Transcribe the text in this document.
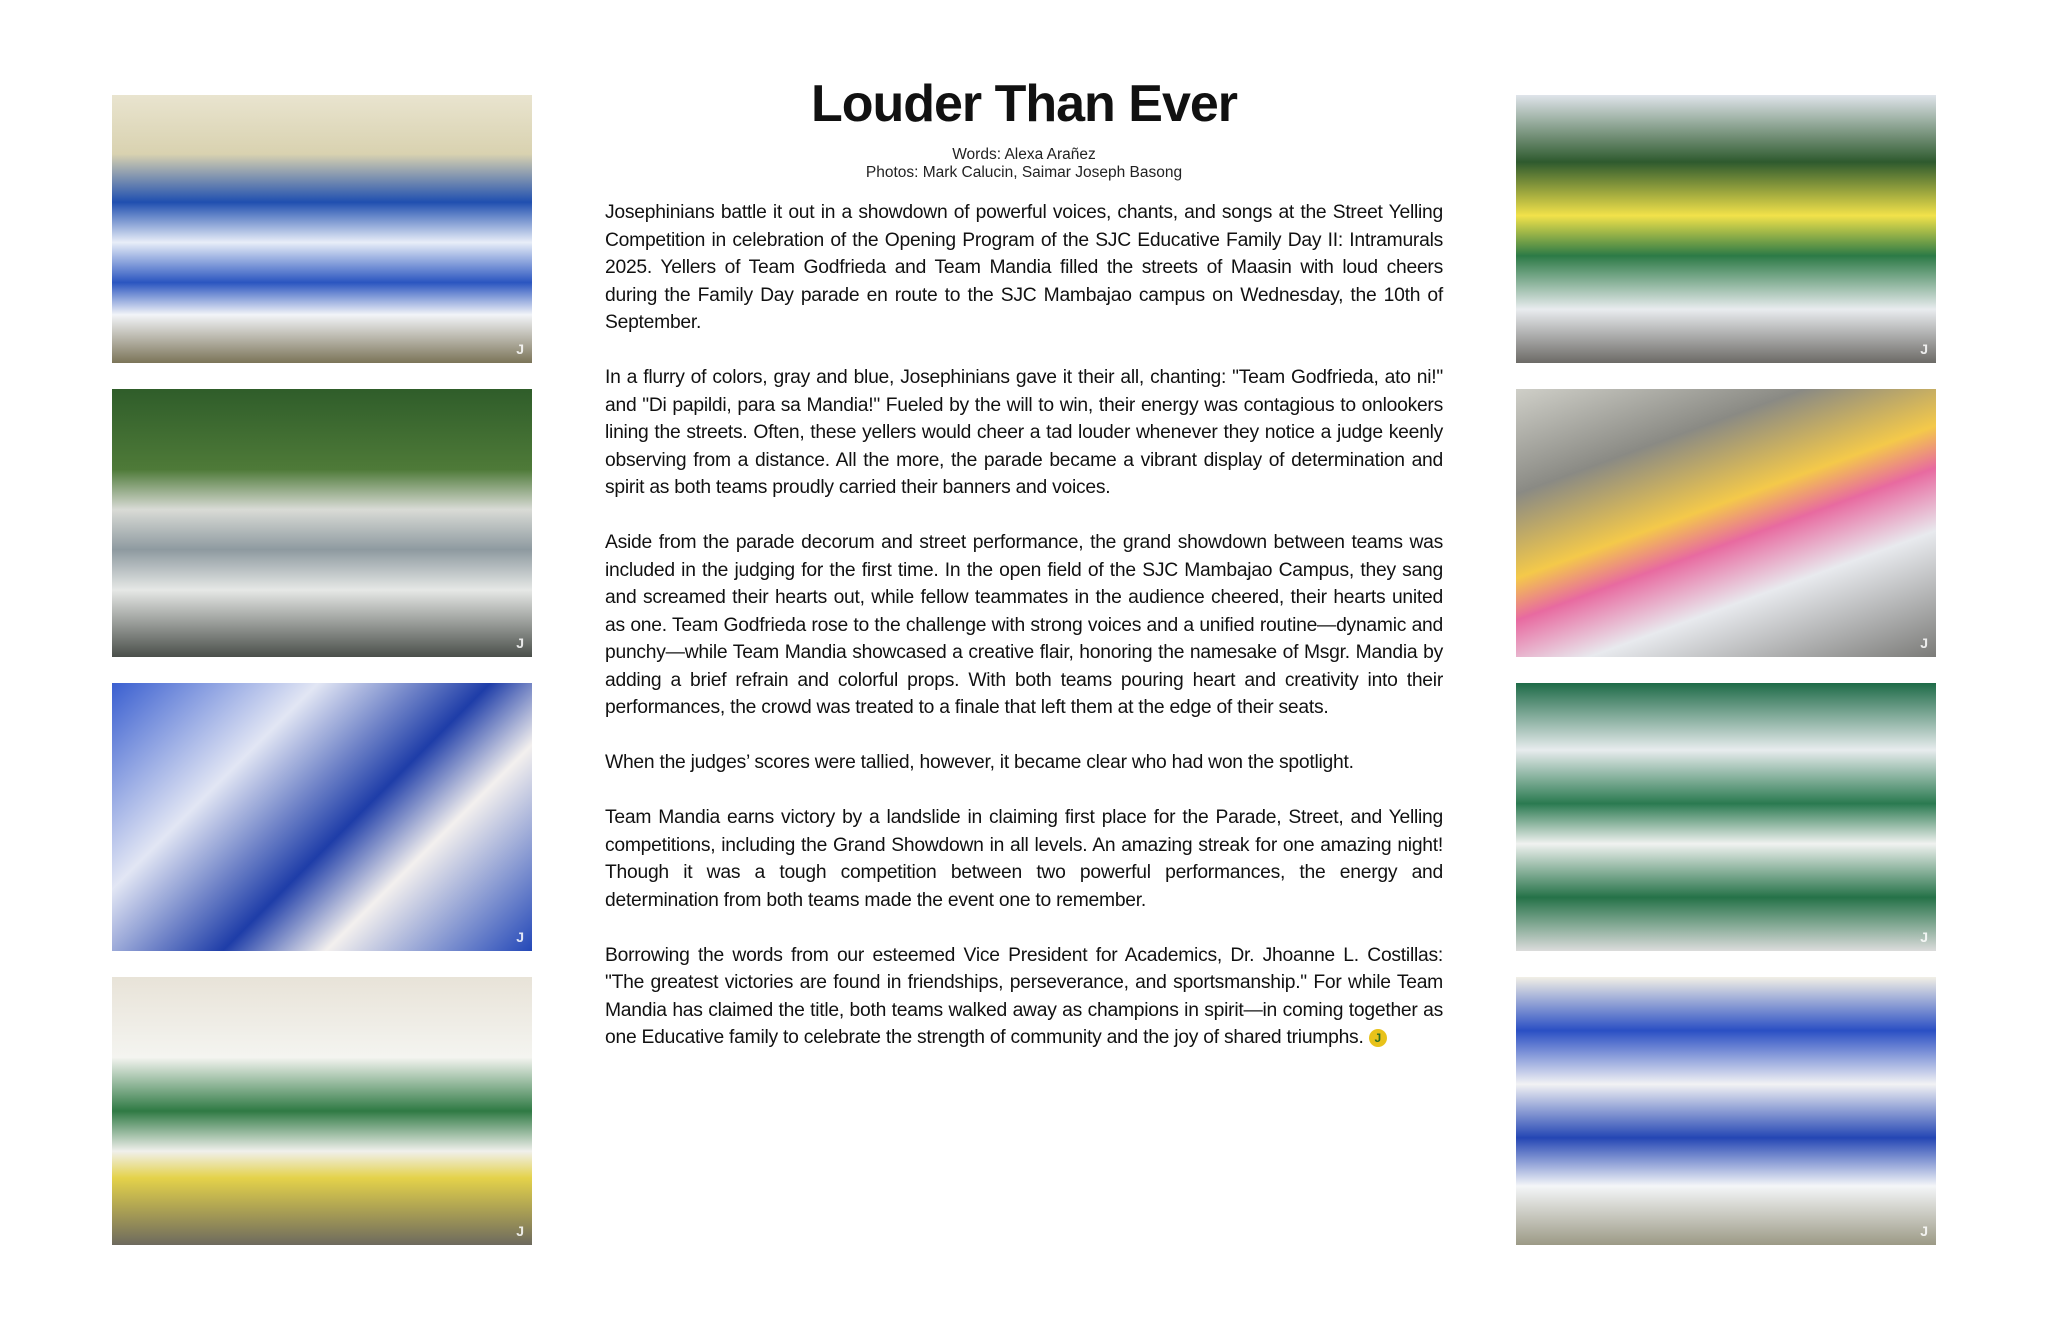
J
J
J
J
J
J
J
J
Louder Than Ever
Words: Alexa Arañez
Photos: Mark Calucin, Saimar Joseph Basong

Josephinians battle it out in a showdown of powerful voices, chants, and songs at the Street Yelling Competition in celebration of the Opening Program of the SJC Educative Family Day II: Intramurals 2025. Yellers of Team Godfrieda and Team Mandia filled the streets of Maasin with loud cheers during the Family Day parade en route to the SJC Mambajao campus on Wednesday, the 10th of September.

In a flurry of colors, gray and blue, Josephinians gave it their all, chanting: "Team Godfrieda, ato ni!" and "Di papildi, para sa Mandia!" Fueled by the will to win, their energy was contagious to onlookers lining the streets. Often, these yellers would cheer a tad louder whenever they notice a judge keenly observing from a distance. All the more, the parade became a vibrant display of determination and spirit as both teams proudly carried their banners and voices.

Aside from the parade decorum and street performance, the grand showdown between teams was included in the judging for the first time. In the open field of the SJC Mambajao Campus, they sang and screamed their hearts out, while fellow teammates in the audience cheered, their hearts united as one. Team Godfrieda rose to the challenge with strong voices and a unified routine—dynamic and punchy—while Team Mandia showcased a creative flair, honoring the namesake of Msgr. Mandia by adding a brief refrain and colorful props. With both teams pouring heart and creativity into their performances, the crowd was treated to a finale that left them at the edge of their seats.

When the judges’ scores were tallied, however, it became clear who had won the spotlight.

Team Mandia earns victory by a landslide in claiming first place for the Parade, Street, and Yelling competitions, including the Grand Showdown in all levels. An amazing streak for one amazing night! Though it was a tough competition between two powerful performances, the energy and determination from both teams made the event one to remember.

Borrowing the words from our esteemed Vice President for Academics, Dr. Jhoanne L. Costillas: "The greatest victories are found in friendships, perseverance, and sportsmanship." For while Team Mandia has claimed the title, both teams walked away as champions in spirit—in coming together as one Educative family to celebrate the strength of community and the joy of shared triumphs. J
